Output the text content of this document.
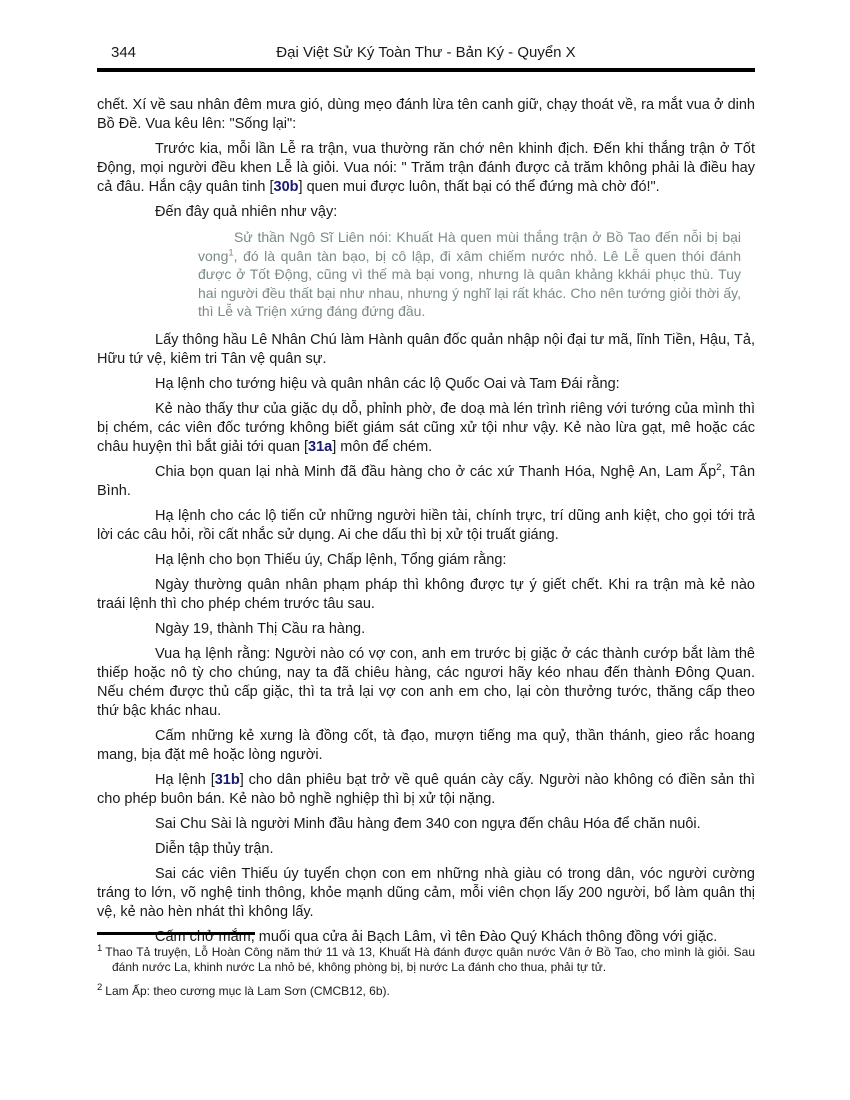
344	Đại Việt Sử Ký Toàn Thư - Bản Ký - Quyển X

chết. Xí về sau nhân đêm mưa gió, dùng mẹo đánh lừa tên canh giữ, chạy thoát về, ra mắt vua ở dinh Bồ Đề. Vua kêu lên: "Sống lại":

Trước kia, mỗi lần Lễ ra trận, vua thường răn chớ nên khinh địch. Đến khi thắng trận ở Tốt Động, mọi người đều khen Lễ là giỏi. Vua nói: " Trăm trận đánh được cả trăm không phải là điều hay cả đâu. Hắn cậy quân tinh [30b] quen mui được luôn, thất bại có thể đứng mà chờ đó!".

Đến đây quả nhiên như vậy:

Sử thần Ngô Sĩ Liên nói: Khuất Hà quen mùi thắng trận ở Bồ Tao đến nỗi bị bại vong$^1$, đó là quân tàn bạo, bị cô lập, đi xâm chiếm nước nhỏ. Lê Lễ quen thói đánh được ở Tốt Động, cũng vì thế mà bại vong, nhưng là quân khảng kkhái phục thù. Tuy hai người đều thất bại như nhau, nhưng ý nghĩ lại rất khác. Cho nên tướng giỏi thời ấy, thì Lễ và Triện xứng đáng đứng đầu.

Lấy thông hầu Lê Nhân Chú làm Hành quân đốc quản nhập nội đại tư mã, lĩnh Tiền, Hậu, Tả, Hữu tứ vệ, kiêm tri Tân vệ quân sự.

Hạ lệnh cho tướng hiệu và quân nhân các lộ Quốc Oai và Tam Đái rằng:

Kẻ nào thấy thư của giặc dụ dỗ, phỉnh phờ, đe doạ mà lén trình riêng với tướng của mình thì bị chém, các viên đốc tướng không biết giám sát cũng xử tội như vậy. Kẻ nào lừa gạt, mê hoặc các châu huyện thì bắt giải tới quan [31a] môn để chém.

Chia bọn quan lại nhà Minh đã đầu hàng cho ở các xứ Thanh Hóa, Nghệ An, Lam Ấp$^2$, Tân Bình.

Hạ lệnh cho các lộ tiến cử những người hiền tài, chính trực, trí dũng anh kiệt, cho gọi tới trả lời các câu hỏi, rồi cất nhắc sử dụng. Ai che dấu thì bị xử tội truất giáng.

Hạ lệnh cho bọn Thiếu úy, Chấp lệnh, Tổng giám rằng:

Ngày thường quân nhân phạm pháp thì không được tự ý giết chết. Khi ra trận mà kẻ nào traái lệnh thì cho phép chém trước tâu sau.

Ngày 19, thành Thị Cầu ra hàng.

Vua hạ lệnh rằng: Người nào có vợ con, anh em trước bị giặc ở các thành cướp bắt làm thê thiếp hoặc nô tỳ cho chúng, nay ta đã chiêu hàng, các ngươi hãy kéo nhau đến thành Đông Quan. Nếu chém được thủ cấp giặc, thì ta trả lại vợ con anh em cho, lại còn thưởng tước, thăng cấp theo thứ bậc khác nhau.

Cấm những kẻ xưng là đồng cốt, tà đạo, mượn tiếng ma quỷ, thần thánh, gieo rắc hoang mang, bịa đặt mê hoặc lòng người.

Hạ lệnh [31b] cho dân phiêu bạt trở về quê quán cày cấy. Người nào không có điền sản thì cho phép buôn bán. Kẻ nào bỏ nghề nghiệp thì bị xử tội nặng.

Sai Chu Sài là người Minh đầu hàng đem 340 con ngựa đến châu Hóa để chăn nuôi.

Diễn tập thủy trận.

Sai các viên Thiếu úy tuyển chọn con em những nhà giàu có trong dân, vóc người cường tráng to lớn, võ nghệ tinh thông, khỏe mạnh dũng cảm, mỗi viên chọn lấy 200 người, bổ làm quân thị vệ, kẻ nào hèn nhát thì không lấy.

Cấm chở mắm, muối qua cửa ải Bạch Lâm, vì tên Đào Quý Khách thông đồng với giặc.

$^1$ Thao Tả truyện, Lỗ Hoàn Công năm thứ 11 và 13, Khuất Hà đánh được quân nước Vân ở Bồ Tao, cho mình là giỏi. Sau đánh nước La, khinh nước La nhỏ bé, không phòng bị, bị nước La đánh cho thua, phải tự tử.

$^2$ Lam Ấp: theo cương mục là Lam Sơn (CMCB12, 6b).
